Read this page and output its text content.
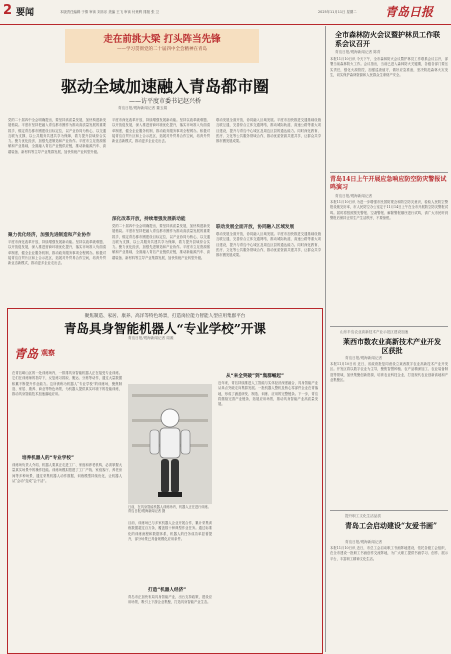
2 要闻	本版责任编辑 于倩 审读 刘乐乐 美编 王飞 审读 付贵利 排版 张 卫	2025年11月11日 星期二 青岛日报
走在前挑大梁 打头阵当先锋
——学习贯彻党的二十届四中全会精神在青岛
驱动全域加速融入青岛都市圈
——访平度市委书记赵兴桥
青岛日报/观海新闻记者 董玉娟
党的二十届四中全会明确提出，要坚持高质量发展，加快构建新发展格局。平度市坚持把融入青岛都市圈作为推动高质量发展的重要抓手，锚定青岛都市圈建设目标定位，以产业协同为核心，以交通互联为支撑，以公共服务共建共享为保障，着力提升县域综合实力。聚力优化经济，加强先进制造和产业协作。平度市立足资源禀赋和产业基础，全面融入青岛产业链供应链，推动新能源汽车、高端装备、新材料等主导产业集群发展，加快传统产业转型升级。
聚力优化经济，加强先进制造和产业协作
平度市深化改革开放，持续增强发展新动能。坚持以改革破难题、以开放促发展，深入推进营商环境优化提升，落实市场准入负面清单制度，健全企业服务机制，推动政务服务事项全程网办。积极对接青岛自贸片区和上合示范区，拓展对外贸易合作空间，培育外贸新业态新模式，推动更多企业走出去。
平度市深化改革开放，持续增强发展新动能。坚持以改革破难题、以开放促发展，深入推进营商环境优化提升，落实市场准入负面清单制度，健全企业服务机制，推动政务服务事项全程网办。积极对接青岛自贸片区和上合示范区，拓展对外贸易合作空间，培育外贸新业态新模式，推动更多企业走出去。
深化改革开放，持续增强发展新动能
党的二十届四中全会明确提出，要坚持高质量发展，加快构建新发展格局。平度市坚持把融入青岛都市圈作为推动高质量发展的重要抓手，锚定青岛都市圈建设目标定位，以产业协同为核心，以交通互联为支撑，以公共服务共建共享为保障，着力提升县域综合实力。聚力优化经济，加强先进制造和产业协作。平度市立足资源禀赋和产业基础，全面融入青岛产业链供应链，推动新能源汽车、高端装备、新材料等主导产业集群发展，加快传统产业转型升级。
联动发展全面开放，协同融入区域发展。平度市加快推进交通基础设施互联互通，完善综合立体交通网络，推动城际轨道、高速公路等重大项目建设，提升与青岛中心城区及周边区县的通达能力。同时深化教育、医疗、文化等公共服务领域合作，推动优质资源共建共享，让群众共享都市圈发展成果。
联动发展全面开放，协同融入区域发展
联动发展全面开放，协同融入区域发展。平度市加快推进交通基础设施互联互通，完善综合立体交通网络，推动城际轨道、高速公路等重大项目建设，提升与青岛中心城区及周边区县的通达能力。同时深化教育、医疗、文化等公共服务领域合作，推动优质资源共建共享，让群众共享都市圈发展成果。
全市森林防火会议暨护林员工作联系会议召开
青岛日报/观海新闻记者 陈青
本报11月10日讯 今天下午，全市森林防火会议暨护林员工作联系会议召开，部署当前森林防火工作。会议指出，当前已进入森林防火关键期，各级各部门要压实责任，强化火源管控，加强巡查值守，做好应急准备，坚决防范森林火灾发生，切实保护森林资源和人民群众生命财产安全。
青岛14日上午开展应急响应防空防灾警报试鸣演习
青岛日报/观海新闻记者
本报11月10日讯 为进一步增强市民国防观念和防空防灾意识，检验人民防空警报设施完好率，市人民防空办公室定于11月14日上午在全市开展防空防灾警报试鸣。届时将按照预先警报、空袭警报、解除警报顺序进行试鸣，请广大市民听到警报后保持正常生产生活秩序，不要惊慌。
山东半岛农业高新技术产业示范区建设加速
莱西市数农业高新技术产业开发区获批
青岛日报/观海新闻记者
本报11月10日讯 近日，省政府批复同意设立莱西数字农业高新技术产业开发区。开发区将以数字农业为主导，聚焦智慧种植、农产品精深加工、农业装备制造等领域，加快集聚创新资源，培育农业科技企业，打造现代农业创新高地和产业集聚区。
提升职工文化生活品质
青岛工会启动建设“友爱书画”
青岛日报/观海新闻记者
本报11月10日讯 近日，市总工会启动职工书画阵地建设，依托各级工会组织，在全市建设一批职工书画创作交流阵地，为广大职工提供书画学习、创作、展示平台，丰富职工精神文化生活。
聚焦制造、家居、康养、高洋等特色场景，打造岗位能力智能人型应用集群平台
青岛具身智能机器人“专业学校”开课
青岛日报/观海新闻记者 周凝
青岛 观察
在青岛崂山区的一处训练场内，一排排具身智能机器人正在接受专业训练。它们在训练师的指导下，反复练习抓取、搬运、分拣等动作，通过大量数据积累不断提升作业能力。这所被称为机器人“专业学校”的训练场，聚焦制造、家居、康养、商业等特色场景，为机器人提供真实环境下的技能训练，推动具身智能技术加速落地应用。
培养机器人的“专业学校”
训练场负责人介绍，机器人要真正走进工厂、家庭和养老机构，必须掌握大量真实场景中的操作技能。训练场模拟搭建了工厂产线、家庭客厅、养老房间等多种场景，通过采集机器人动作数据，训练模型持续优化，让机器人从“会动”变成“会干活”。
日前，在具身智能机器人训练场内，机器人正在进行训练。青岛日报/观海新闻记者 摄
目前，训练场已与多家机器人企业开展合作，累计采集训练数据超过百万条，覆盖数十种典型作业任务。通过标准化的训练流程和数据体系，机器人的任务成功率显著提升，部分场景已具备规模化应用条件。
打造“机器人经济”
青岛市正加快布局具身智能产业，出台支持政策，建设应用场景，吸引上下游企业集聚，打造具身智能产业生态。
从“来全突破”到“集群崛起”
近年来，青岛持续推进人工智能与实体经济深度融合，具身智能产业从单点突破走向集群发展。一批机器人整机及核心零部件企业在青落地，形成了涵盖研发、制造、训练、应用的完整链条。下一步，青岛将继续完善产业链条，拓展应用场景，推动具身智能产业高质量发展。
